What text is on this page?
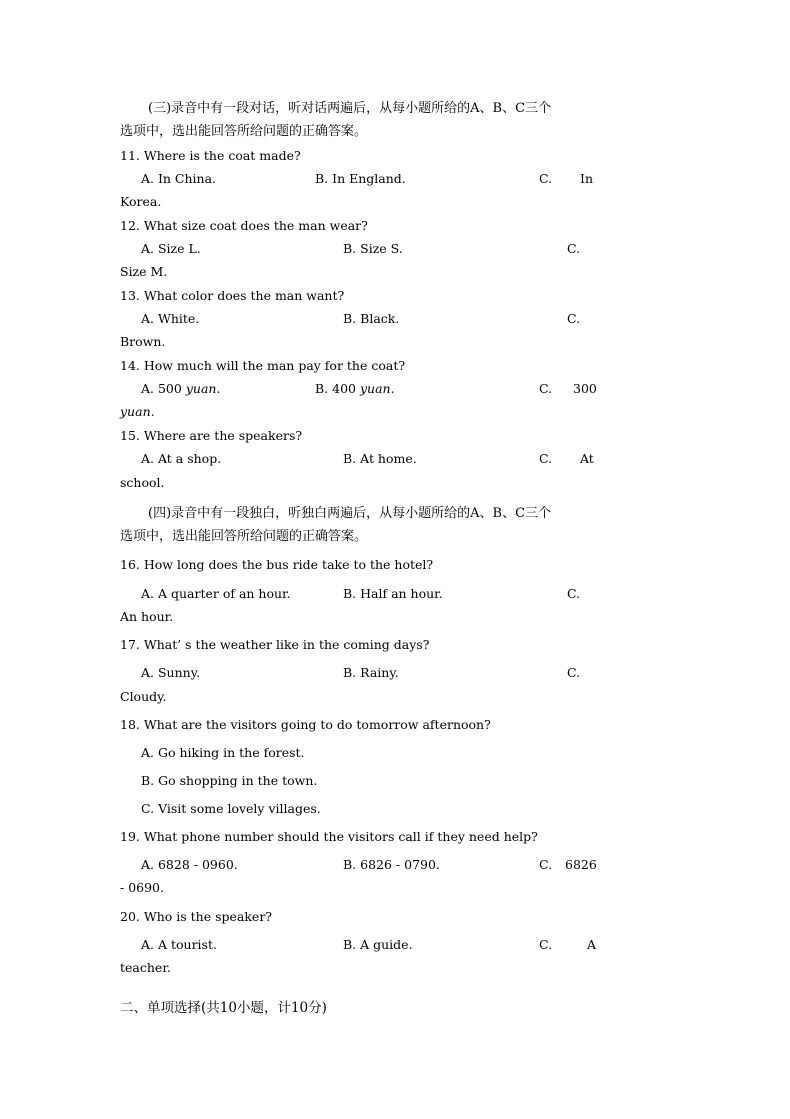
(三)录音中有一段对话，听对话两遍后，从每小题所给的A、B、C三个
选项中，选出能回答所给问题的正确答案。
11. Where is the coat made?
A. In China.	B. In England.	C. In
Korea.
12. What size coat does the man wear?
A. Size L.	B. Size S.	C.
Size M.
13. What color does the man want?
A. White.	B. Black.	C.
Brown.
14. How much will the man pay for the coat?
A. 500 yuan.	B. 400 yuan.	C. 300
yuan.
15. Where are the speakers?
A. At a shop.	B. At home.	C. At
school.
(四)录音中有一段独白，听独白两遍后，从每小题所给的A、B、C三个
选项中，选出能回答所给问题的正确答案。
16. How long does the bus ride take to the hotel?
A. A quarter of an hour.	B. Half an hour.	C.
An hour.
17. What’ s the weather like in the coming days?
A. Sunny.	B. Rainy.	C.
Cloudy.
18. What are the visitors going to do tomorrow afternoon?
A. Go hiking in the forest.
B. Go shopping in the town.
C. Visit some lovely villages.
19. What phone number should the visitors call if they need help?
A. 6828 - 0960.	B. 6826 - 0790.	C. 6826
- 0690.
20. Who is the speaker?
A. A tourist.	B. A guide.	C.	A
teacher.
二、单项选择(共10小题，计10分)
